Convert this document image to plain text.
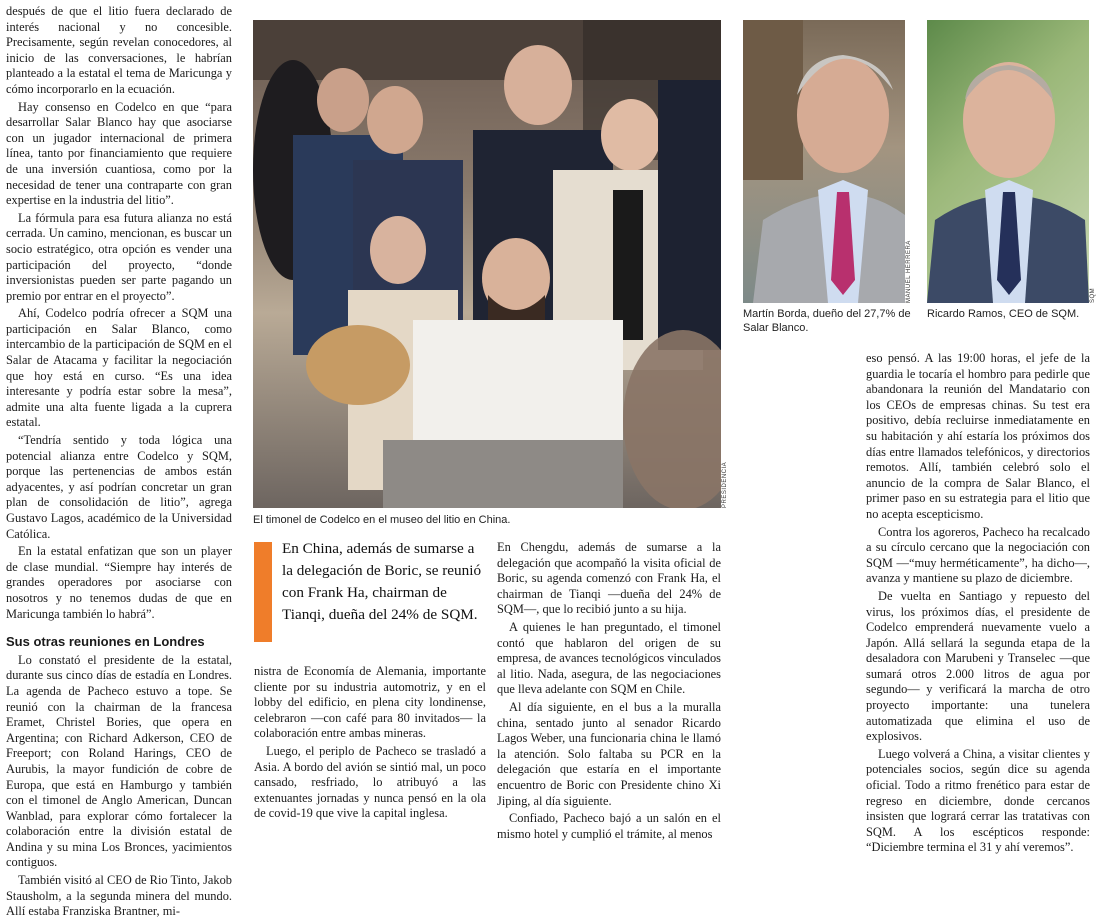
después de que el litio fuera declarado de interés nacional y no concesible. Precisamente, según revelan conocedores, al inicio de las conversaciones, le habrían planteado a la estatal el tema de Maricunga y cómo incorporarlo en la ecuación.

Hay consenso en Codelco en que “para desarrollar Salar Blanco hay que asociarse con un jugador internacional de primera línea, tanto por financiamiento que requiere de una inversión cuantiosa, como por la necesidad de tener una contraparte con gran expertise en la industria del litio”.

La fórmula para esa futura alianza no está cerrada. Un camino, mencionan, es buscar un socio estratégico, otra opción es vender una participación del proyecto, “donde inversionistas pueden ser parte pagando un premio por entrar en el proyecto”.

Ahí, Codelco podría ofrecer a SQM una participación en Salar Blanco, como intercambio de la participación de SQM en el Salar de Atacama y facilitar la negociación que hoy está en curso. “Es una idea interesante y podría estar sobre la mesa”, admite una alta fuente ligada a la cuprera estatal.

“Tendría sentido y toda lógica una potencial alianza entre Codelco y SQM, porque las pertenencias de ambos están adyacentes, y así podrían concretar un gran plan de consolidación de litio”, agrega Gustavo Lagos, académico de la Universidad Católica.

En la estatal enfatizan que son un player de clase mundial. “Siempre hay interés de grandes operadores por asociarse con nosotros y no tenemos dudas de que en Maricunga también lo habrá”.

Sus otras reuniones en Londres

Lo constató el presidente de la estatal, durante sus cinco días de estadía en Londres. La agenda de Pacheco estuvo a tope. Se reunió con la chairman de la francesa Eramet, Christel Bories, que opera en Argentina; con Richard Adkerson, CEO de Freeport; con Roland Harings, CEO de Aurubis, la mayor fundición de cobre de Europa, que está en Hamburgo y también con el timonel de Anglo American, Duncan Wanblad, para explorar cómo fortalecer la colaboración entre la división estatal de Andina y su mina Los Bronces, yacimientos contiguos.

También visitó al CEO de Rio Tinto, Jakob Stausholm, a la segunda minera del mundo. Allí estaba Franziska Brantner, mi-

PRESIDENCIA
El timonel de Codelco en el museo del litio en China.
MANUEL HERRERA
Martín Borda, dueño del 27,7% de Salar Blanco.
SQM
Ricardo Ramos, CEO de SQM.
En China, además de sumarse a la delegación de Boric, se reunió con Frank Ha, chairman de Tianqi, dueña del 24% de SQM.

nistra de Economía de Alemania, importante cliente por su industria automotriz, y en el lobby del edificio, en plena city londinense, celebraron —con café para 80 invitados— la colaboración entre ambas mineras.

Luego, el periplo de Pacheco se trasladó a Asia. A bordo del avión se sintió mal, un poco cansado, resfriado, lo atribuyó a las extenuantes jornadas y nunca pensó en la ola de covid-19 que vive la capital inglesa.

En Chengdu, además de sumarse a la delegación que acompañó la visita oficial de Boric, su agenda comenzó con Frank Ha, el chairman de Tianqi —dueña del 24% de SQM—, que lo recibió junto a su hija.

A quienes le han preguntado, el timonel contó que hablaron del origen de su empresa, de avances tecnológicos vinculados al litio. Nada, asegura, de las negociaciones que lleva adelante con SQM en Chile.

Al día siguiente, en el bus a la muralla china, sentado junto al senador Ricardo Lagos Weber, una funcionaria china le llamó la atención. Solo faltaba su PCR en la delegación que estaría en el importante encuentro de Boric con Presidente chino Xi Jiping, al día siguiente.

Confiado, Pacheco bajó a un salón en el mismo hotel y cumplió el trámite, al menos

eso pensó. A las 19:00 horas, el jefe de la guardia le tocaría el hombro para pedirle que abandonara la reunión del Mandatario con los CEOs de empresas chinas. Su test era positivo, debía recluirse inmediatamente en su habitación y ahí estaría los próximos dos días entre llamados telefónicos, y directorios remotos. Allí, también celebró solo el anuncio de la compra de Salar Blanco, el primer paso en su estrategia para el litio que no acepta escepticismo.

Contra los agoreros, Pacheco ha recalcado a su círculo cercano que la negociación con SQM —“muy herméticamente”, ha dicho—, avanza y mantiene su plazo de diciembre.

De vuelta en Santiago y repuesto del virus, los próximos días, el presidente de Codelco emprenderá nuevamente vuelo a Japón. Allá sellará la segunda etapa de la desaladora con Marubeni y Transelec —que sumará otros 2.000 litros de agua por segundo— y verificará la marcha de otro proyecto importante: una tunelera automatizada que elimina el uso de explosivos.

Luego volverá a China, a visitar clientes y potenciales socios, según dice su agenda oficial. Todo a ritmo frenético para estar de regreso en diciembre, donde cercanos insisten que logrará cerrar las tratativas con SQM. A los escépticos responde: “Diciembre termina el 31 y ahí veremos”.
